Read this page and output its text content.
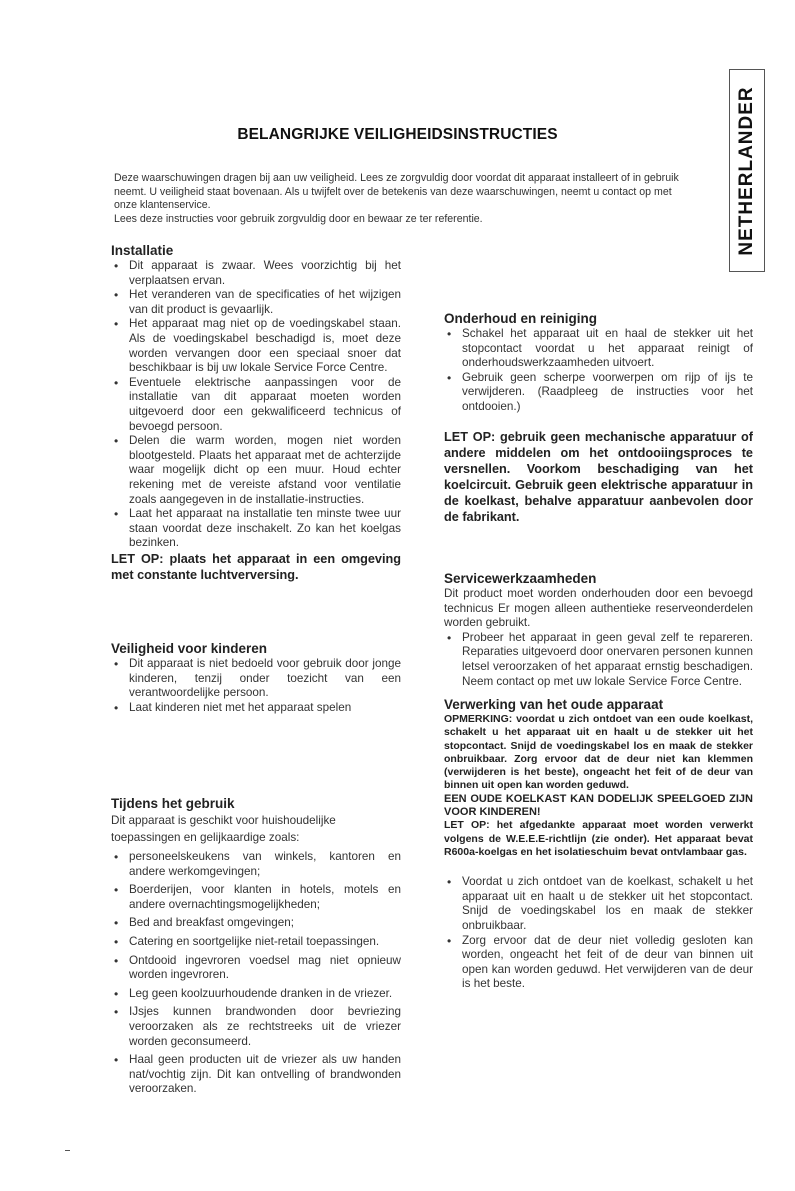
BELANGRIJKE VEILIGHEIDSINSTRUCTIES	NETHERLANDER

Deze waarschuwingen dragen bij aan uw veiligheid. Lees ze zorgvuldig door voordat dit apparaat installeert of in gebruik neemt. U veiligheid staat bovenaan. Als u twijfelt over de betekenis van deze waarschuwingen, neemt u contact op met onze klantenservice.

Lees deze instructies voor gebruik zorgvuldig door en bewaar ze ter referentie.

Installatie
• Dit apparaat is zwaar. Wees voorzichtig bij het verplaatsen ervan.
• Het veranderen van de specificaties of het wijzigen van dit product is gevaarlijk.
• Het apparaat mag niet op de voedingskabel staan. Als de voedingskabel beschadigd is, moet deze worden vervangen door een speciaal snoer dat beschikbaar is bij uw lokale Service Force Centre.
• Eventuele elektrische aanpassingen voor de installatie van dit apparaat moeten worden uitgevoerd door een gekwalificeerd technicus of bevoegd persoon.
• Delen die warm worden, mogen niet worden blootgesteld. Plaats het apparaat met de achterzijde waar mogelijk dicht op een muur. Houd echter rekening met de vereiste afstand voor ventilatie zoals aangegeven in de installatie-instructies.
• Laat het apparaat na installatie ten minste twee uur staan voordat deze inschakelt. Zo kan het koelgas bezinken.
LET OP: plaats het apparaat in een omgeving met constante luchtverversing.
Veiligheid voor kinderen
• Dit apparaat is niet bedoeld voor gebruik door jonge kinderen, tenzij onder toezicht van een verantwoordelijke persoon.
• Laat kinderen niet met het apparaat spelen
Tijdens het gebruik
Dit apparaat is geschikt voor huishoudelijke toepassingen en gelijkaardige zoals:
• personeelskeukens van winkels, kantoren en andere werkomgevingen;
• Boerderijen, voor klanten in hotels, motels en andere overnachtingsmogelijkheden;
• Bed and breakfast omgevingen;
• Catering en soortgelijke niet-retail toepassingen.
• Ontdooid ingevroren voedsel mag niet opnieuw worden ingevroren.
• Leg geen koolzuurhoudende dranken in de vriezer.
• IJsjes kunnen brandwonden door bevriezing veroorzaken als ze rechtstreeks uit de vriezer worden geconsumeerd.
• Haal geen producten uit de vriezer als uw handen nat/vochtig zijn. Dit kan ontvelling of brandwonden veroorzaken.
Onderhoud en reiniging
• Schakel het apparaat uit en haal de stekker uit het stopcontact voordat u het apparaat reinigt of onderhoudswerkzaamheden uitvoert.
• Gebruik geen scherpe voorwerpen om rijp of ijs te verwijderen. (Raadpleeg de instructies voor het ontdooien.)
LET OP: gebruik geen mechanische apparatuur of andere middelen om het ontdooiingsproces te versnellen. Voorkom beschadiging van het koelcircuit. Gebruik geen elektrische apparatuur in de koelkast, behalve apparatuur aanbevolen door de fabrikant.
Servicewerkzaamheden
Dit product moet worden onderhouden door een bevoegd technicus Er mogen alleen authentieke reserveonderdelen worden gebruikt.
• Probeer het apparaat in geen geval zelf te repareren. Reparaties uitgevoerd door onervaren personen kunnen letsel veroorzaken of het apparaat ernstig beschadigen. Neem contact op met uw lokale Service Force Centre.
Verwerking van het oude apparaat
OPMERKING: voordat u zich ontdoet van een oude koelkast, schakelt u het apparaat uit en haalt u de stekker uit het stopcontact. Snijd de voedingskabel los en maak de stekker onbruikbaar. Zorg ervoor dat de deur niet kan klemmen (verwijderen is het beste), ongeacht het feit of de deur van binnen uit open kan worden geduwd.
EEN OUDE KOELKAST KAN DODELIJK SPEELGOED ZIJN VOOR KINDEREN!
LET OP: het afgedankte apparaat moet worden verwerkt volgens de W.E.E.E-richtlijn (zie onder). Het apparaat bevat R600a-koelgas en het isolatieschuim bevat ontvlambaar gas.
• Voordat u zich ontdoet van de koelkast, schakelt u het apparaat uit en haalt u de stekker uit het stopcontact. Snijd de voedingskabel los en maak de stekker onbruikbaar.
• Zorg ervoor dat de deur niet volledig gesloten kan worden, ongeacht het feit of de deur van binnen uit open kan worden geduwd. Het verwijderen van de deur is het beste.
